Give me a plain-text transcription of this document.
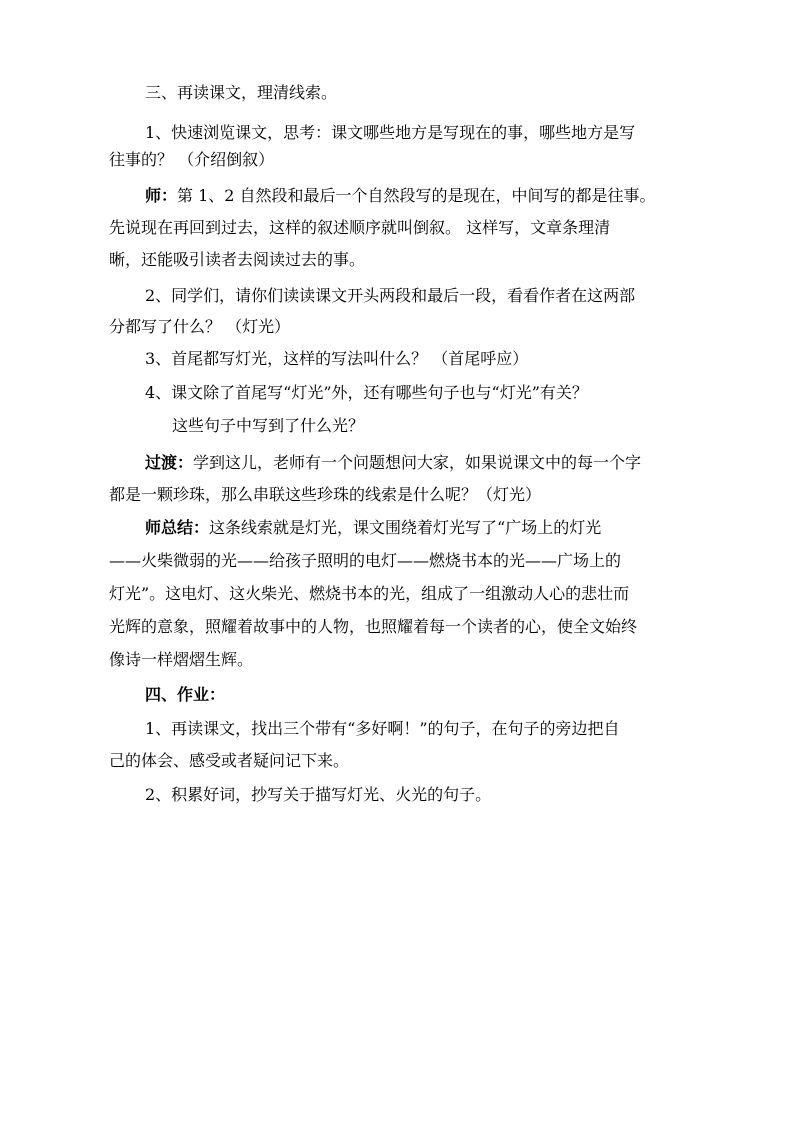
三、再读课文，理清线索。
1、快速浏览课文，思考：课文哪些地方是写现在的事，哪些地方是写
往事的？ （介绍倒叙）
师：第 1、2 自然段和最后一个自然段写的是现在，中间写的都是往事。
先说现在再回到过去，这样的叙述顺序就叫倒叙。 这样写，文章条理清
晰，还能吸引读者去阅读过去的事。
2、同学们，请你们读读课文开头两段和最后一段，看看作者在这两部
分都写了什么？ （灯光）
3、首尾都写灯光，这样的写法叫什么？ （首尾呼应）
4、课文除了首尾写“灯光”外，还有哪些句子也与“灯光”有关？
这些句子中写到了什么光？
过渡：学到这儿，老师有一个问题想问大家，如果说课文中的每一个字
都是一颗珍珠，那么串联这些珍珠的线索是什么呢？（灯光）
师总结：这条线索就是灯光，课文围绕着灯光写了“广场上的灯光
——火柴微弱的光——给孩子照明的电灯——燃烧书本的光——广场上的
灯光”。这电灯、这火柴光、燃烧书本的光，组成了一组激动人心的悲壮而
光辉的意象，照耀着故事中的人物，也照耀着每一个读者的心，使全文始终
像诗一样熠熠生辉。
四、作业：
1、再读课文，找出三个带有“多好啊！”的句子，在句子的旁边把自
己的体会、感受或者疑问记下来。
2、积累好词，抄写关于描写灯光、火光的句子。
